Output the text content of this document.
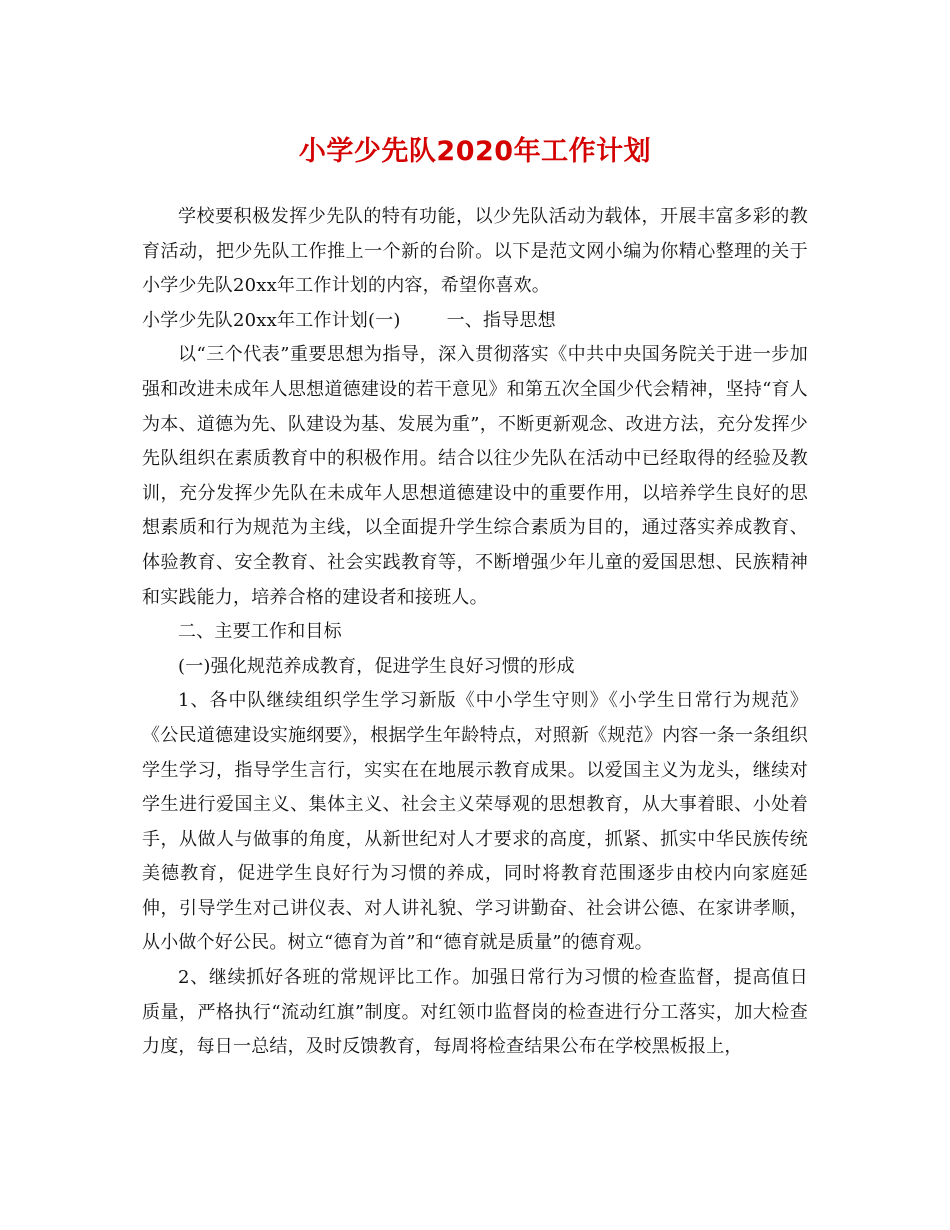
小学少先队2020年工作计划

学校要积极发挥少先队的特有功能，以少先队活动为载体，开展丰富多彩的教育活动，把少先队工作推上一个新的台阶。以下是范文网小编为你精心整理的关于小学少先队20xx年工作计划的内容，希望你喜欢。

小学少先队20xx年工作计划(一)	一、指导思想

以“三个代表”重要思想为指导，深入贯彻落实《中共中央国务院关于进一步加强和改进未成年人思想道德建设的若干意见》和第五次全国少代会精神，坚持“育人为本、道德为先、队建设为基、发展为重”，不断更新观念、改进方法，充分发挥少先队组织在素质教育中的积极作用。结合以往少先队在活动中已经取得的经验及教训，充分发挥少先队在未成年人思想道德建设中的重要作用，以培养学生良好的思想素质和行为规范为主线，以全面提升学生综合素质为目的，通过落实养成教育、体验教育、安全教育、社会实践教育等，不断增强少年儿童的爱国思想、民族精神和实践能力，培养合格的建设者和接班人。

二、主要工作和目标

(一)强化规范养成教育，促进学生良好习惯的形成

1、各中队继续组织学生学习新版《中小学生守则》《小学生日常行为规范》《公民道德建设实施纲要》，根据学生年龄特点，对照新《规范》内容一条一条组织学生学习，指导学生言行，实实在在地展示教育成果。以爱国主义为龙头，继续对学生进行爱国主义、集体主义、社会主义荣辱观的思想教育，从大事着眼、小处着手，从做人与做事的角度，从新世纪对人才要求的高度，抓紧、抓实中华民族传统美德教育，促进学生良好行为习惯的养成，同时将教育范围逐步由校内向家庭延伸，引导学生对己讲仪表、对人讲礼貌、学习讲勤奋、社会讲公德、在家讲孝顺，从小做个好公民。树立“德育为首”和“德育就是质量”的德育观。

2、继续抓好各班的常规评比工作。加强日常行为习惯的检查监督，提高值日质量，严格执行“流动红旗”制度。对红领巾监督岗的检查进行分工落实，加大检查力度，每日一总结，及时反馈教育，每周将检查结果公布在学校黑板报上，
